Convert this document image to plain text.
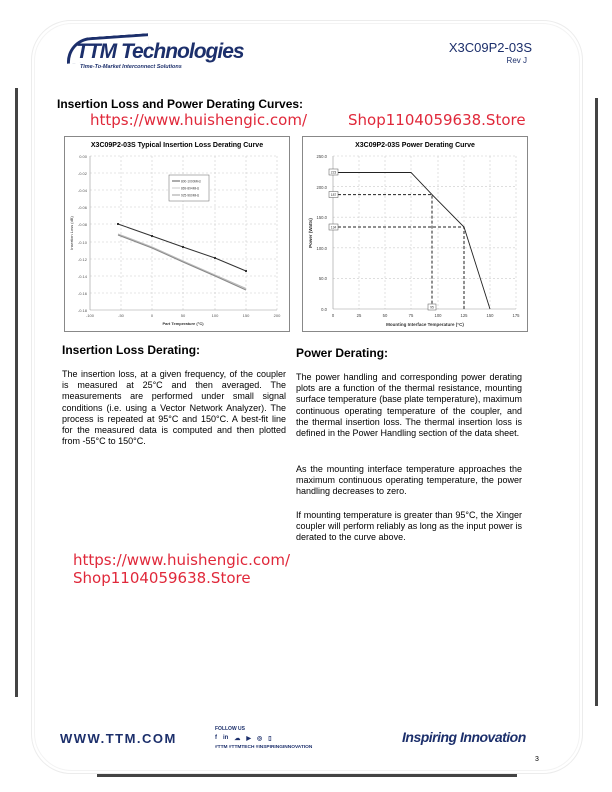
TTM Technologies
Time-To-Market Interconnect Solutions
X3C09P2-03S
Rev J
Insertion Loss and Power Derating Curves:
https://www.huishengic.com/	Shop1104059638.Store
X3C09P2-03S Typical Insertion Loss Derating Curve
0.00
-0.02
-0.04
-0.06
-0.08
-0.10
-0.12
-0.14
-0.16
-0.18
-100	-50	0	50	100	150	200
Part Temperature (°C)
Insertion Loss (dB)
800-1000MHz
869-894MHz
925-960MHz
X3C09P2-03S Power Derating Curve
250.0
200.0
150.0
100.0
50.0
0.0
0	25	50	75	100	125	150	175
Mounting Interface Temperature (°C)
Power (Watts)
223
187
134
95
Insertion Loss Derating:
The insertion loss, at a given frequency, of the coupler is measured at 25°C and then averaged. The measurements are performed under small signal conditions (i.e. using a Vector Network Analyzer). The process is repeated at 95°C and 150°C. A best-fit line for the measured data is computed and then plotted from -55°C to 150°C.
Power Derating:
The power handling and corresponding power derating plots are a function of the thermal resistance, mounting surface temperature (base plate temperature), maximum continuous operating temperature of the coupler, and the thermal insertion loss. The thermal insertion loss is defined in the Power Handling section of the data sheet.
As the mounting interface temperature approaches the maximum continuous operating temperature, the power handling decreases to zero.
If mounting temperature is greater than 95°C, the Xinger coupler will perform reliably as long as the input power is derated to the curve above.
https://www.huishengic.com/
Shop1104059638.Store
WWW.TTM.COM
FOLLOW US
f in ☁ ▶ ◎ ▯
#TTM #TTMTECH #INSPIRINGINNOVATION
Inspiring Innovation
3
